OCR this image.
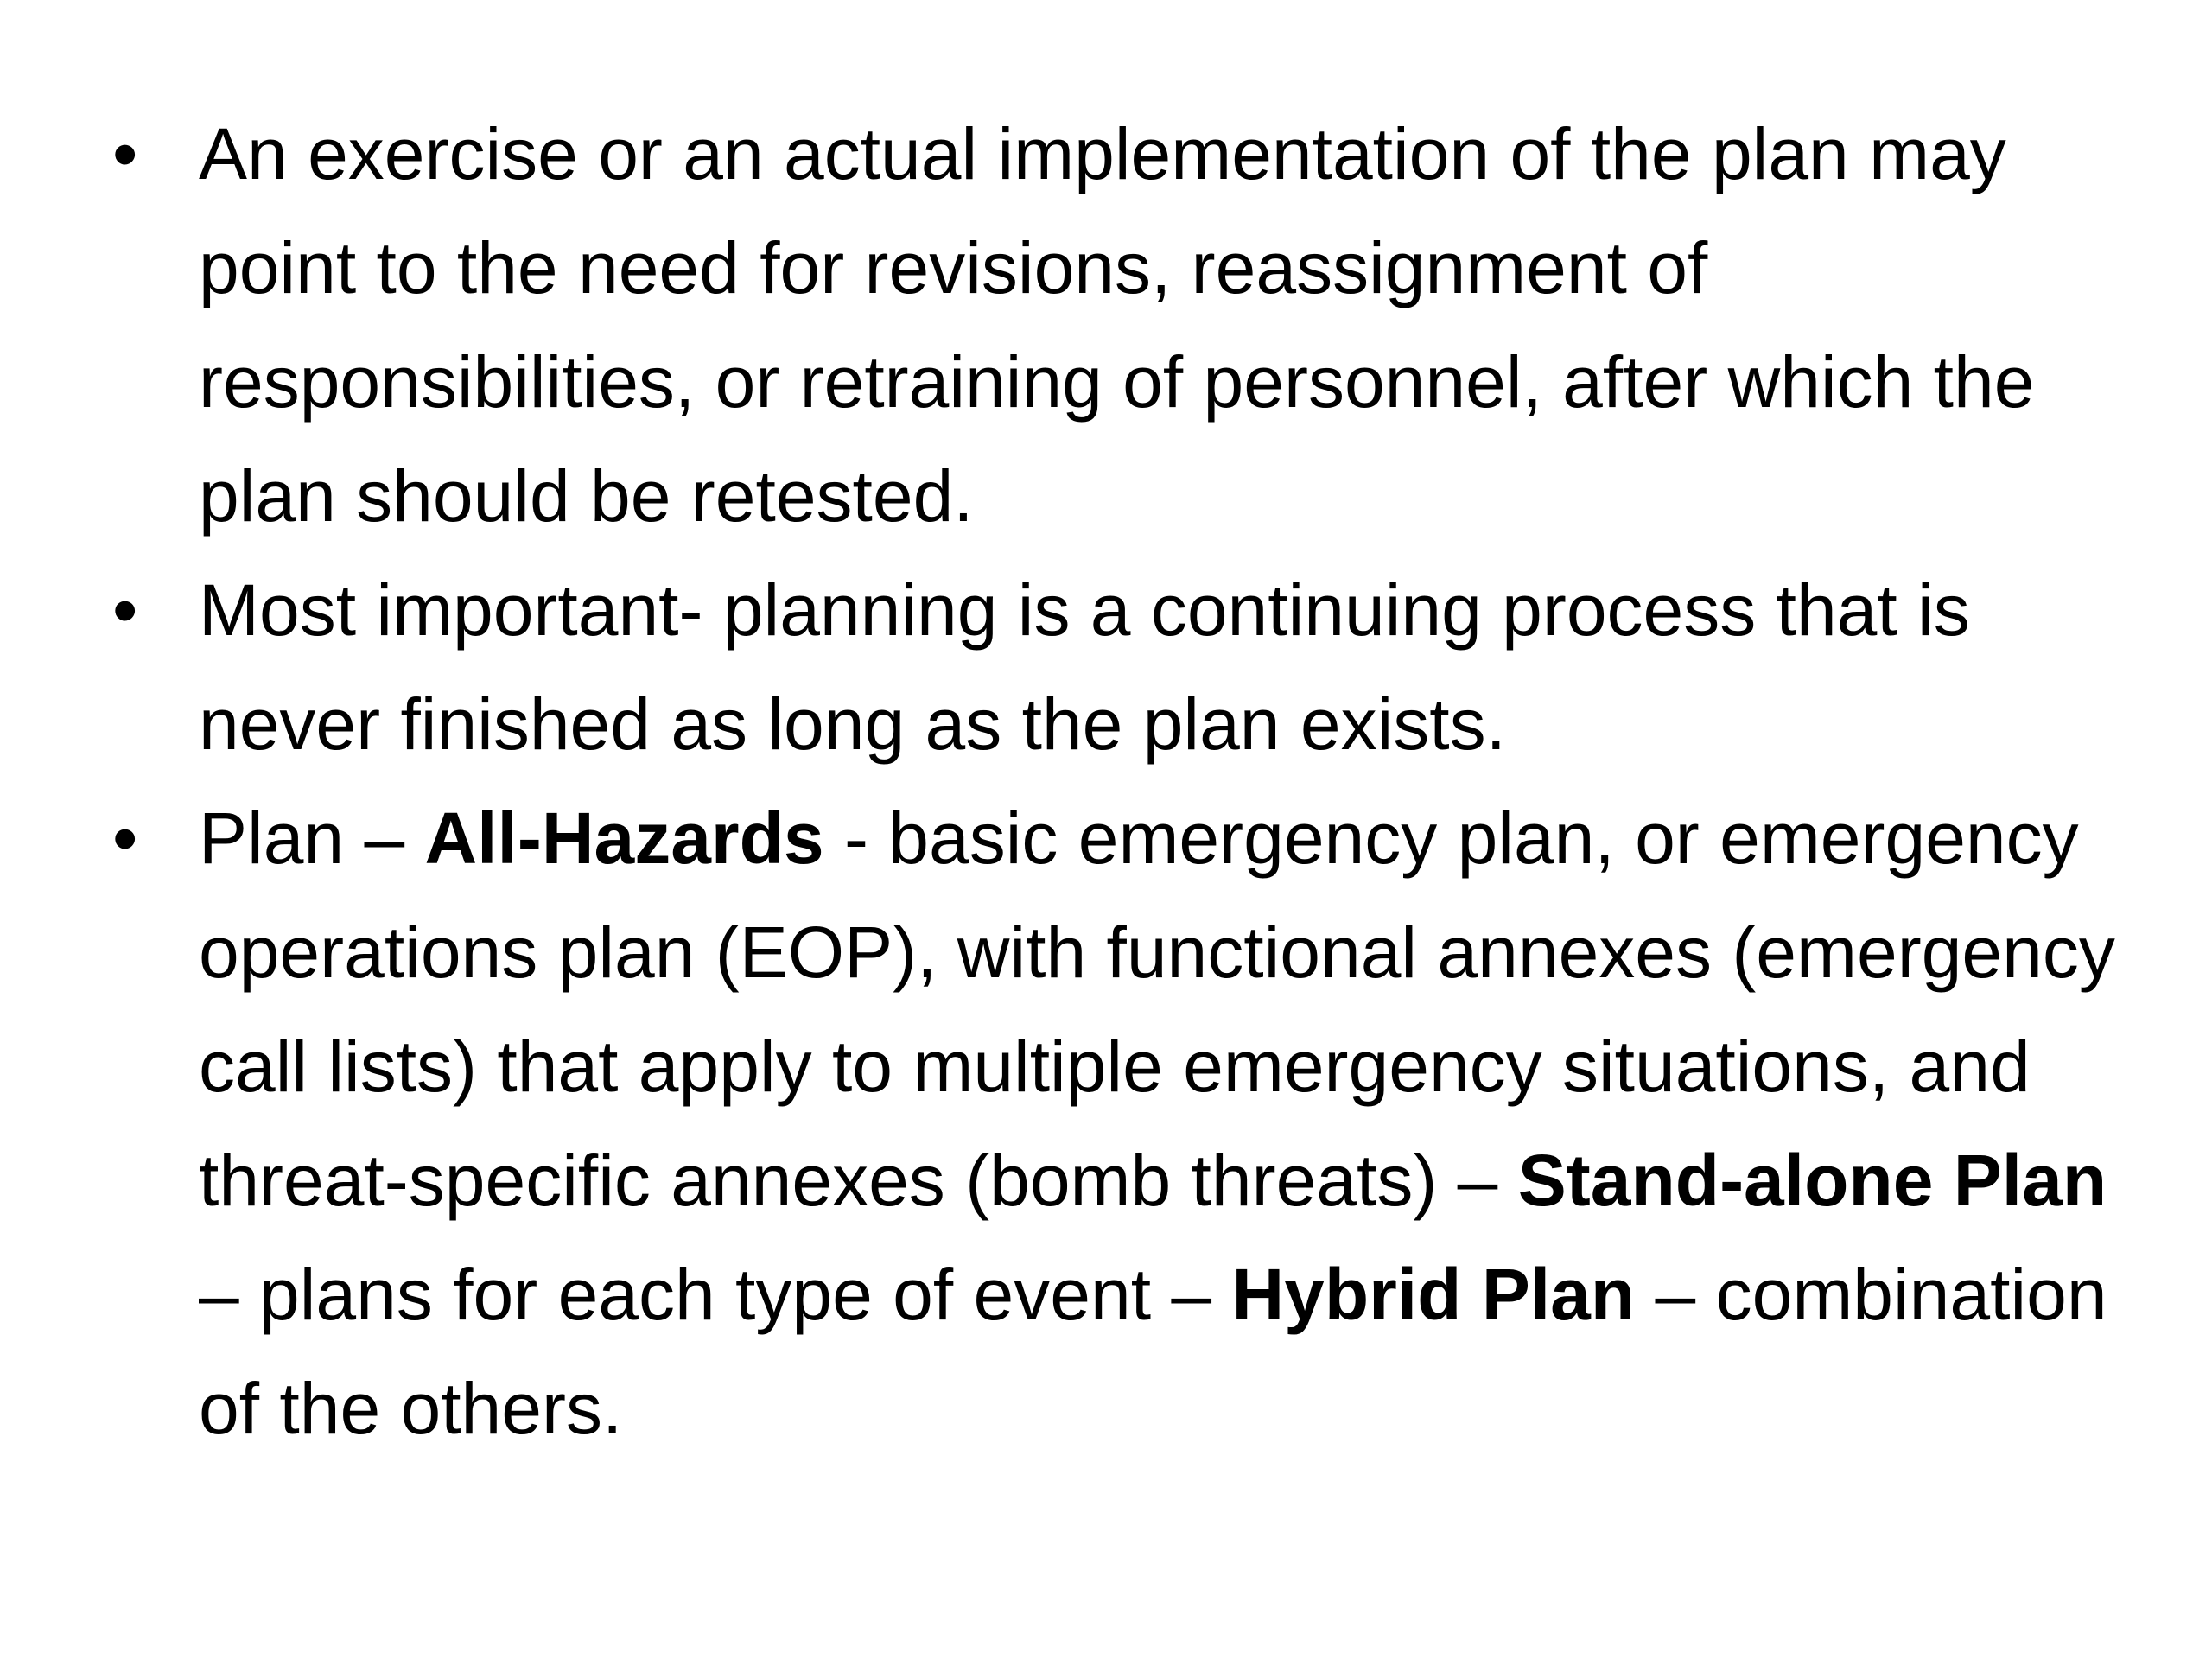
• An exercise or an actual implementation of the plan may point to the need for revisions, reassignment of responsibilities, or retraining of personnel, after which the plan should be retested.
• Most important- planning is a continuing process that is never finished as long as the plan exists.
• Plan – All-Hazards - basic emergency plan, or emergency operations plan (EOP), with functional annexes (emergency call lists) that apply to multiple emergency situations, and threat-specific annexes (bomb threats) – Stand-alone Plan – plans for each type of event – Hybrid Plan – combination of the others.
